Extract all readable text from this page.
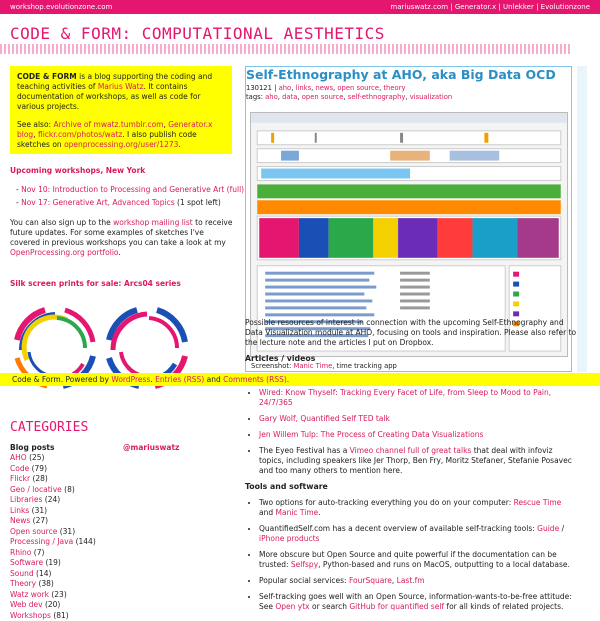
workshop.evolutionzone.com	mariuswatz.com | Generator.x | Unlekker | Evolutionzone
CODE & FORM: COMPUTATIONAL AESTHETICS

CODE & FORM is a blog supporting the coding and teaching activities of Marius Watz. It contains documentation of workshops, as well as code for various projects.

See also: Archive of mwatz.tumblr.com, Generator.x blog, flickr.com/photos/watz. I also publish code sketches on openprocessing.org/user/1273.

Upcoming workshops, New York
- Nov 10: Introduction to Processing and Generative Art (full)
- Nov 17: Generative Art, Advanced Topics (1 spot left)
You can also sign up to the workshop mailing list to receive future updates. For some examples of sketches I've covered in previous workshops you can take a look at my OpenProcessing.org portfolio.
Silk screen prints for sale: Arcs04 series
Code & Form. Powered by WordPress. Entries (RSS) and Comments (RSS).
CATEGORIES
Blog posts	@mariuswatz
AHO (25)
Code (79)
Flickr (28)
Geo / locative (8)
Libraries (24)
Links (31)
News (27)
Open source (31)
Processing / Java (144)
Rhino (7)
Software (19)
Sound (14)
Theory (38)
Watz work (23)
Web dev (20)
Workshops (81)
Self-Ethnography at AHO, aka Big Data OCD
130121 | aho, links, news, open source, theory
tags: aho, data, open source, self-ethnography, visualization
Screenshot: Manic Time, time tracking app

Possible resources of interest in connection with the upcoming Self-Ethnography and Data Visualization module at AHO, focusing on tools and inspiration. Please also refer to the lecture note and the articles I put on Dropbox.

Articles / videos
• Wired: Know Thyself: Tracking Every Facet of Life, from Sleep to Mood to Pain, 24/7/365
• Gary Wolf, Quantified Self TED talk
• Jen Willem Tulp: The Process of Creating Data Visualizations
• The Eyeo Festival has a Vimeo channel full of great talks that deal with infoviz topics, including speakers like Jer Thorp, Ben Fry, Moritz Stefaner, Stefanie Posavec and too many others to mention here.
Tools and software
• Two options for auto-tracking everything you do on your computer: Rescue Time and Manic Time.
• QuantifiedSelf.com has a decent overview of available self-tracking tools: Guide / iPhone products
• More obscure but Open Source and quite powerful if the documentation can be trusted: Selfspy, Python-based and runs on MacOS, outputting to a local database.
• Popular social services: FourSquare, Last.fm
• Self-tracking goes well with an Open Source, information-wants-to-be-free attitude: See Open ytx or search GitHub for quantified self for all kinds of related projects.
